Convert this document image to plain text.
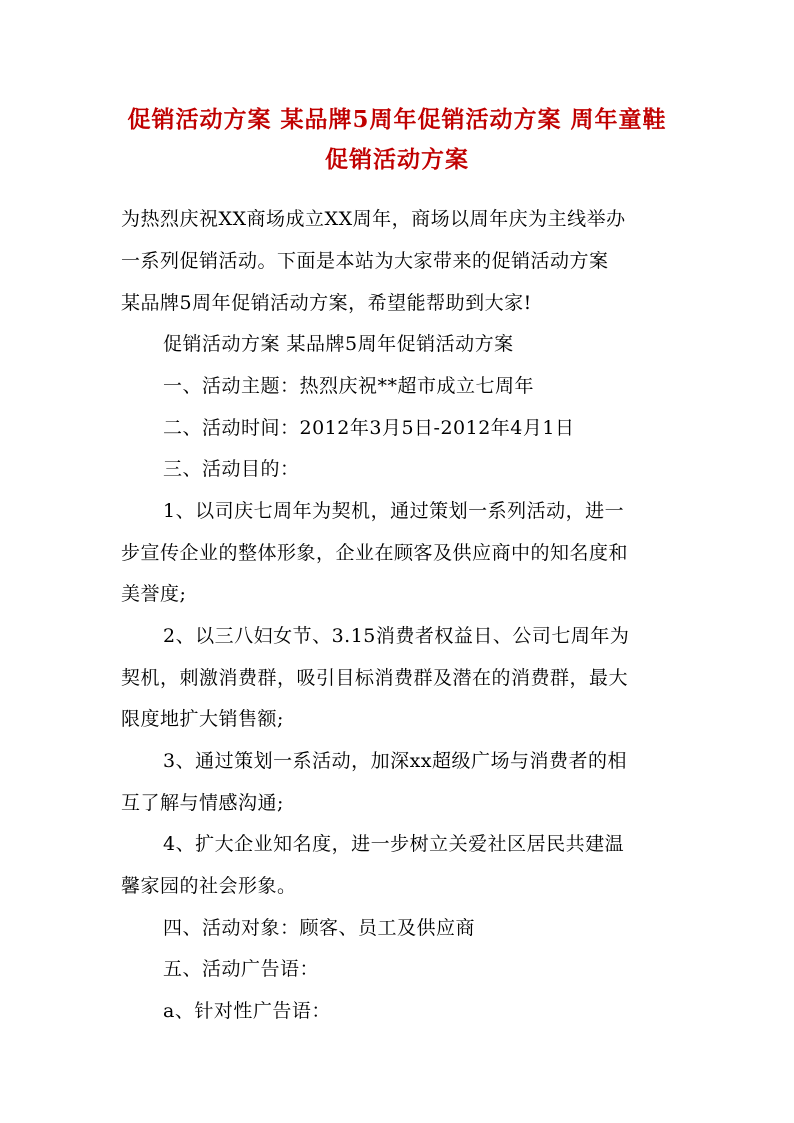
促销活动方案 某品牌5周年促销活动方案 周年童鞋
促销活动方案
为热烈庆祝XX商场成立XX周年，商场以周年庆为主线举办
一系列促销活动。下面是本站为大家带来的促销活动方案
某品牌5周年促销活动方案，希望能帮助到大家!
促销活动方案 某品牌5周年促销活动方案
一、活动主题：热烈庆祝**超市成立七周年
二、活动时间：2012年3月5日-2012年4月1日
三、活动目的：
1、以司庆七周年为契机，通过策划一系列活动，进一
步宣传企业的整体形象，企业在顾客及供应商中的知名度和
美誉度;
2、以三八妇女节、3.15消费者权益日、公司七周年为
契机，刺激消费群，吸引目标消费群及潜在的消费群，最大
限度地扩大销售额;
3、通过策划一系活动，加深xx超级广场与消费者的相
互了解与情感沟通;
4、扩大企业知名度，进一步树立关爱社区居民共建温
馨家园的社会形象。
四、活动对象：顾客、员工及供应商
五、活动广告语：
a、针对性广告语：
